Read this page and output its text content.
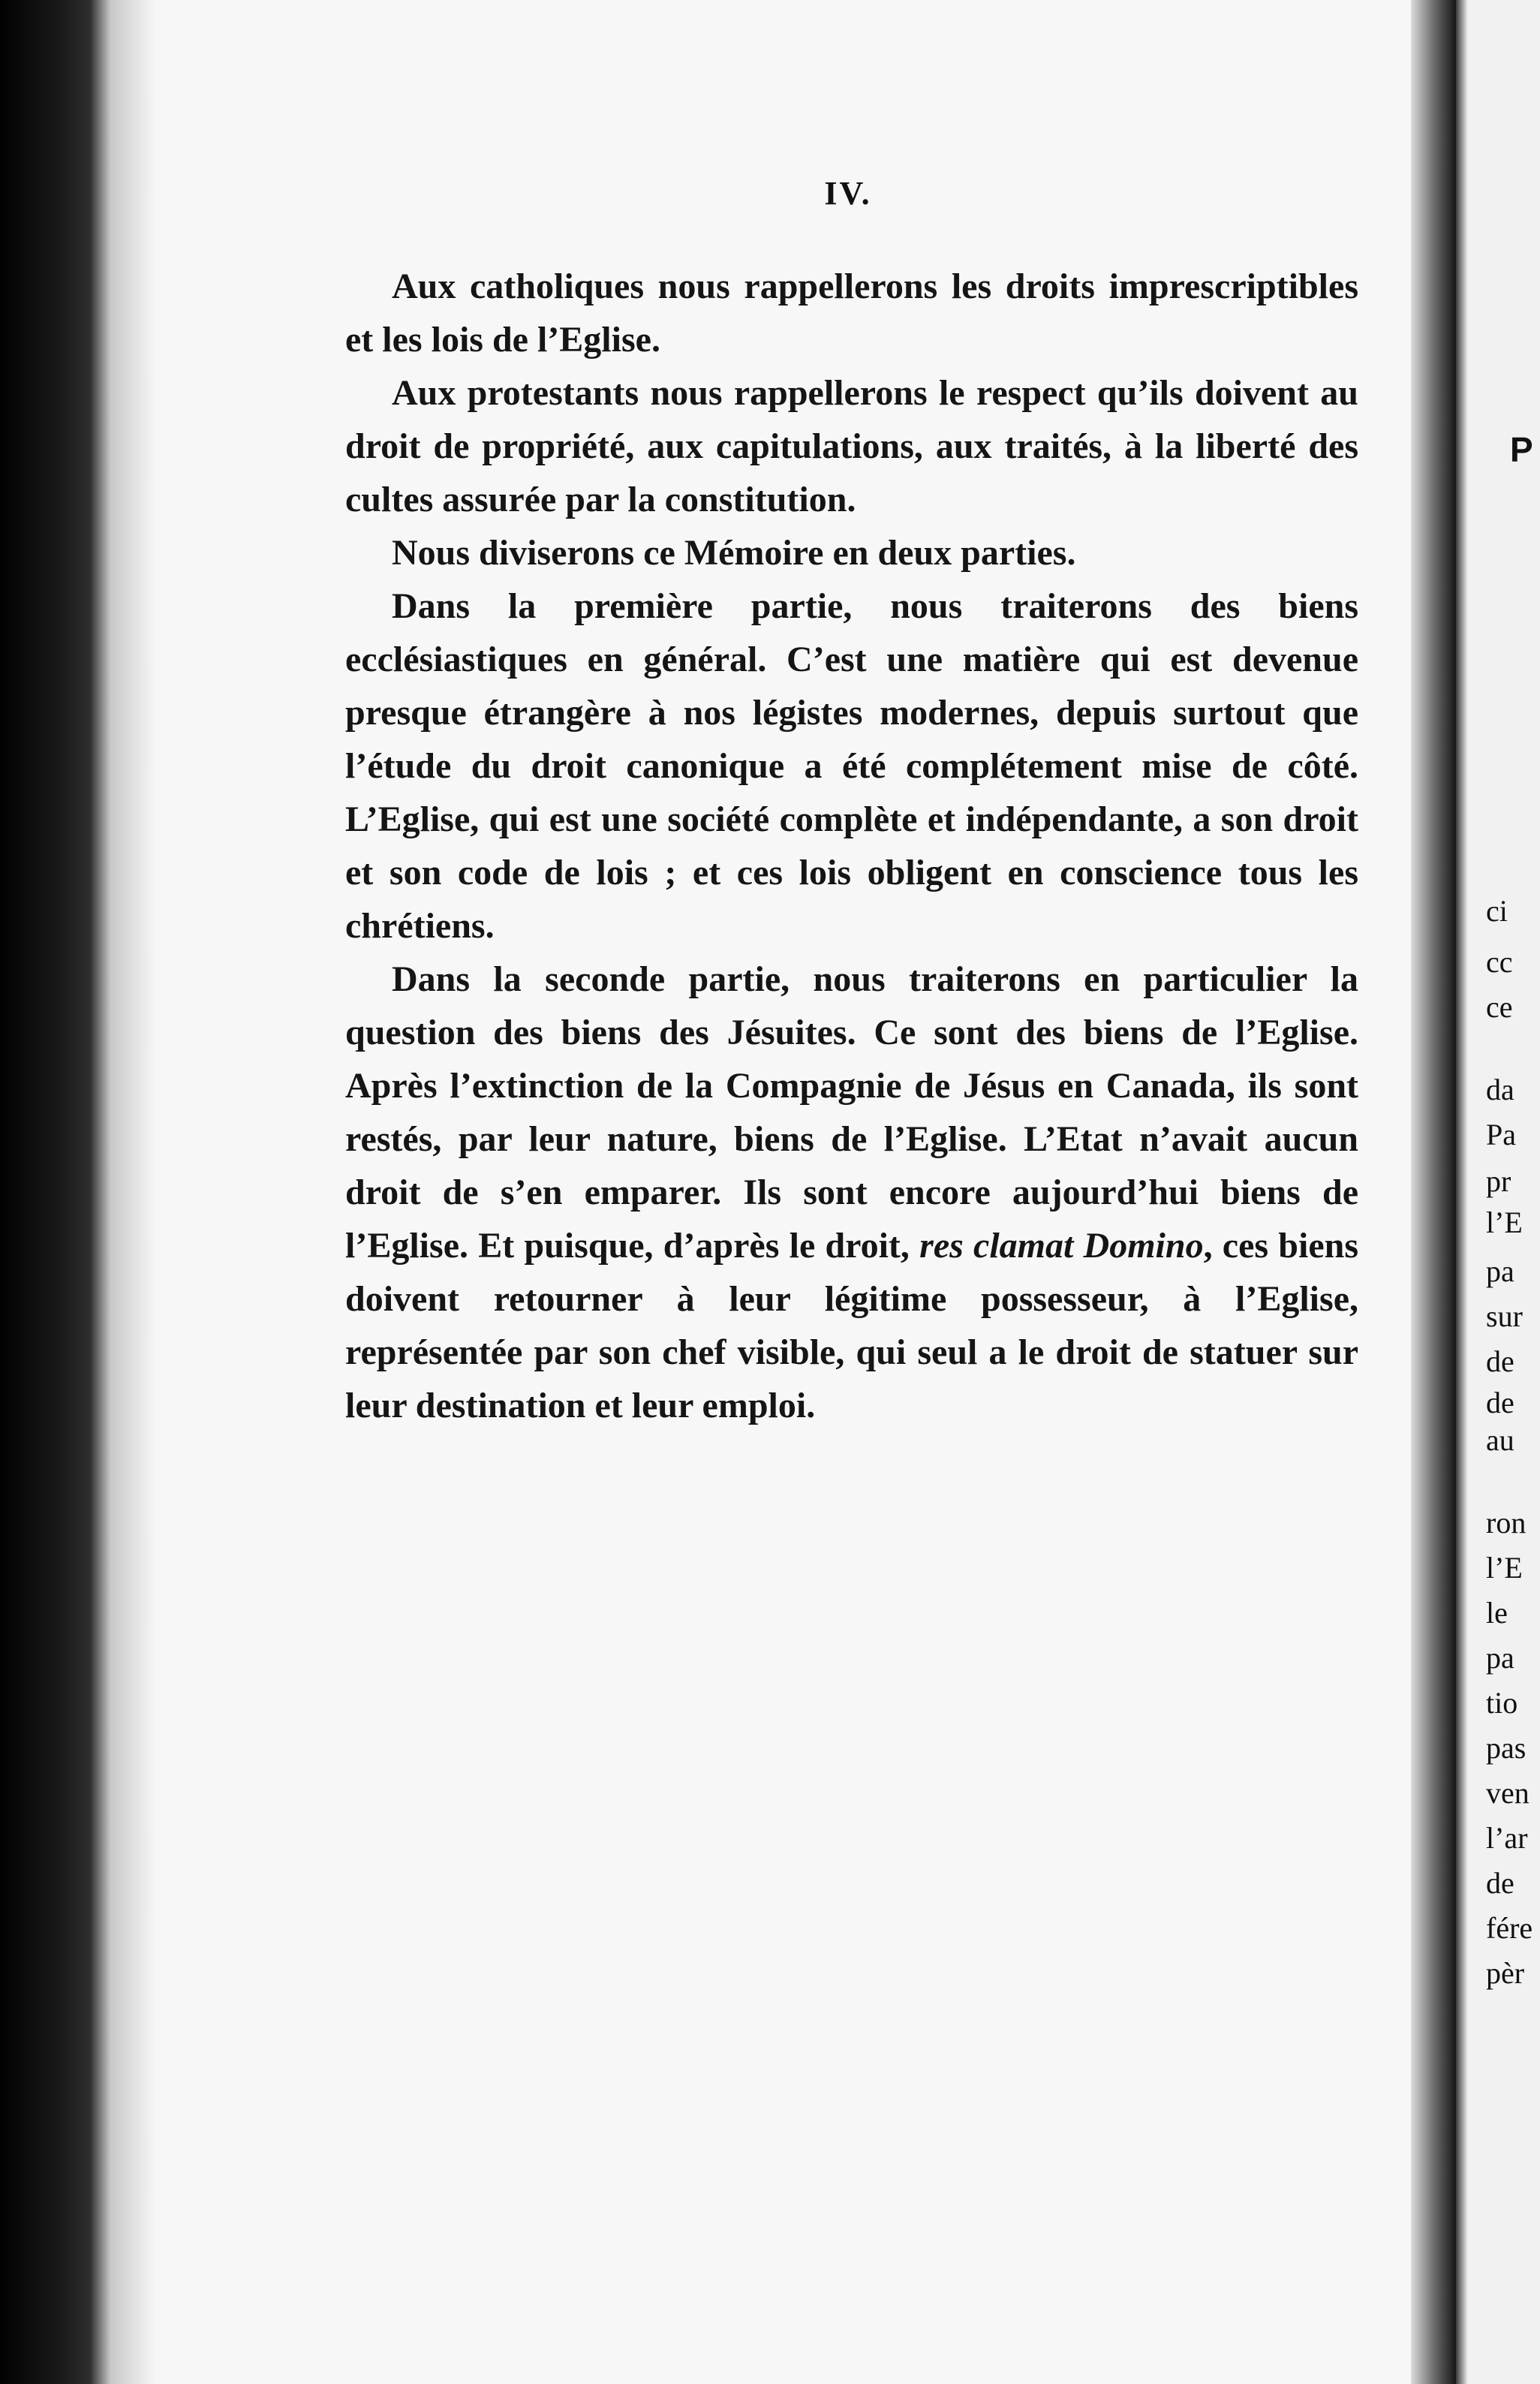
IV.

Aux catholiques nous rappellerons les droits imprescriptibles et les lois de l’Eglise.

Aux protestants nous rappellerons le respect qu’ils doivent au droit de propriété, aux capitulations, aux traités, à la liberté des cultes assurée par la constitution.

Nous diviserons ce Mémoire en deux parties.

Dans la première partie, nous traiterons des biens ecclésiastiques en général. C’est une matière qui est devenue presque étrangère à nos légistes modernes, depuis surtout que l’étude du droit canonique a été complétement mise de côté. L’Eglise, qui est une société complète et indépendante, a son droit et son code de lois ; et ces lois obligent en conscience tous les chrétiens.

Dans la seconde partie, nous traiterons en particulier la question des biens des Jésuites. Ce sont des biens de l’Eglise. Après l’extinction de la Compagnie de Jésus en Canada, ils sont restés, par leur nature, biens de l’Eglise. L’Etat n’avait aucun droit de s’en emparer. Ils sont encore aujourd’hui biens de l’Eglise. Et puisque, d’après le droit, res clamat Domino, ces biens doivent retourner à leur légitime possesseur, à l’Eglise, représentée par son chef visible, qui seul a le droit de statuer sur leur destination et leur emploi.

P
ci
cc
ce
da
Pa
pr
l’E
pa
sur
de
de
au
ron
l’E
le
pa
tio
pas
ven
l’ar
de
fére
pèr
